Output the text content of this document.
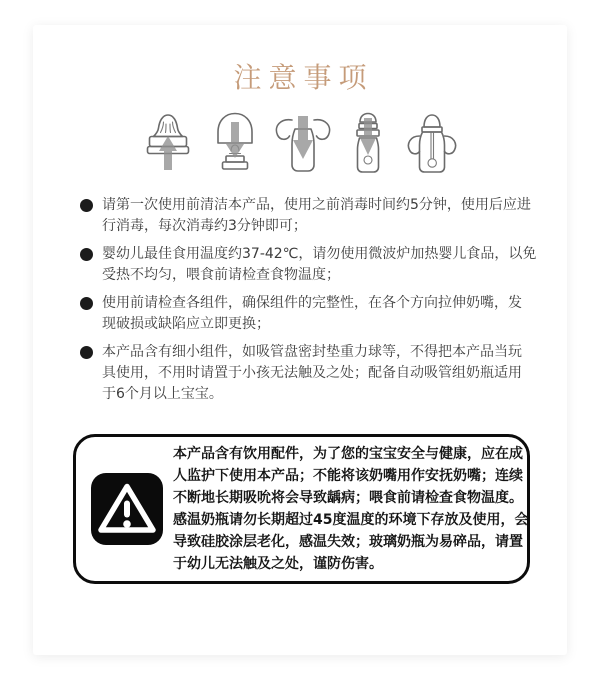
注意事项
请第一次使用前清洁本产品，使用之前消毒时间约5分钟，使用后应进
行消毒，每次消毒约3分钟即可；
婴幼儿最佳食用温度约37-42℃，请勿使用微波炉加热婴儿食品，以免
受热不均匀，喂食前请检查食物温度；
使用前请检查各组件，确保组件的完整性，在各个方向拉伸奶嘴，发
现破损或缺陷应立即更换；
本产品含有细小组件，如吸管盘密封垫重力球等，不得把本产品当玩
具使用，不用时请置于小孩无法触及之处；配备自动吸管组奶瓶适用
于6个月以上宝宝。
本产品含有饮用配件，为了您的宝宝安全与健康，应在成
人监护下使用本产品；不能将该奶嘴用作安抚奶嘴；连续
不断地长期吸吮将会导致龋病；喂食前请检查食物温度。
感温奶瓶请勿长期超过45度温度的环境下存放及使用，会
导致硅胶涂层老化，感温失效；玻璃奶瓶为易碎品，请置
于幼儿无法触及之处，谨防伤害。
